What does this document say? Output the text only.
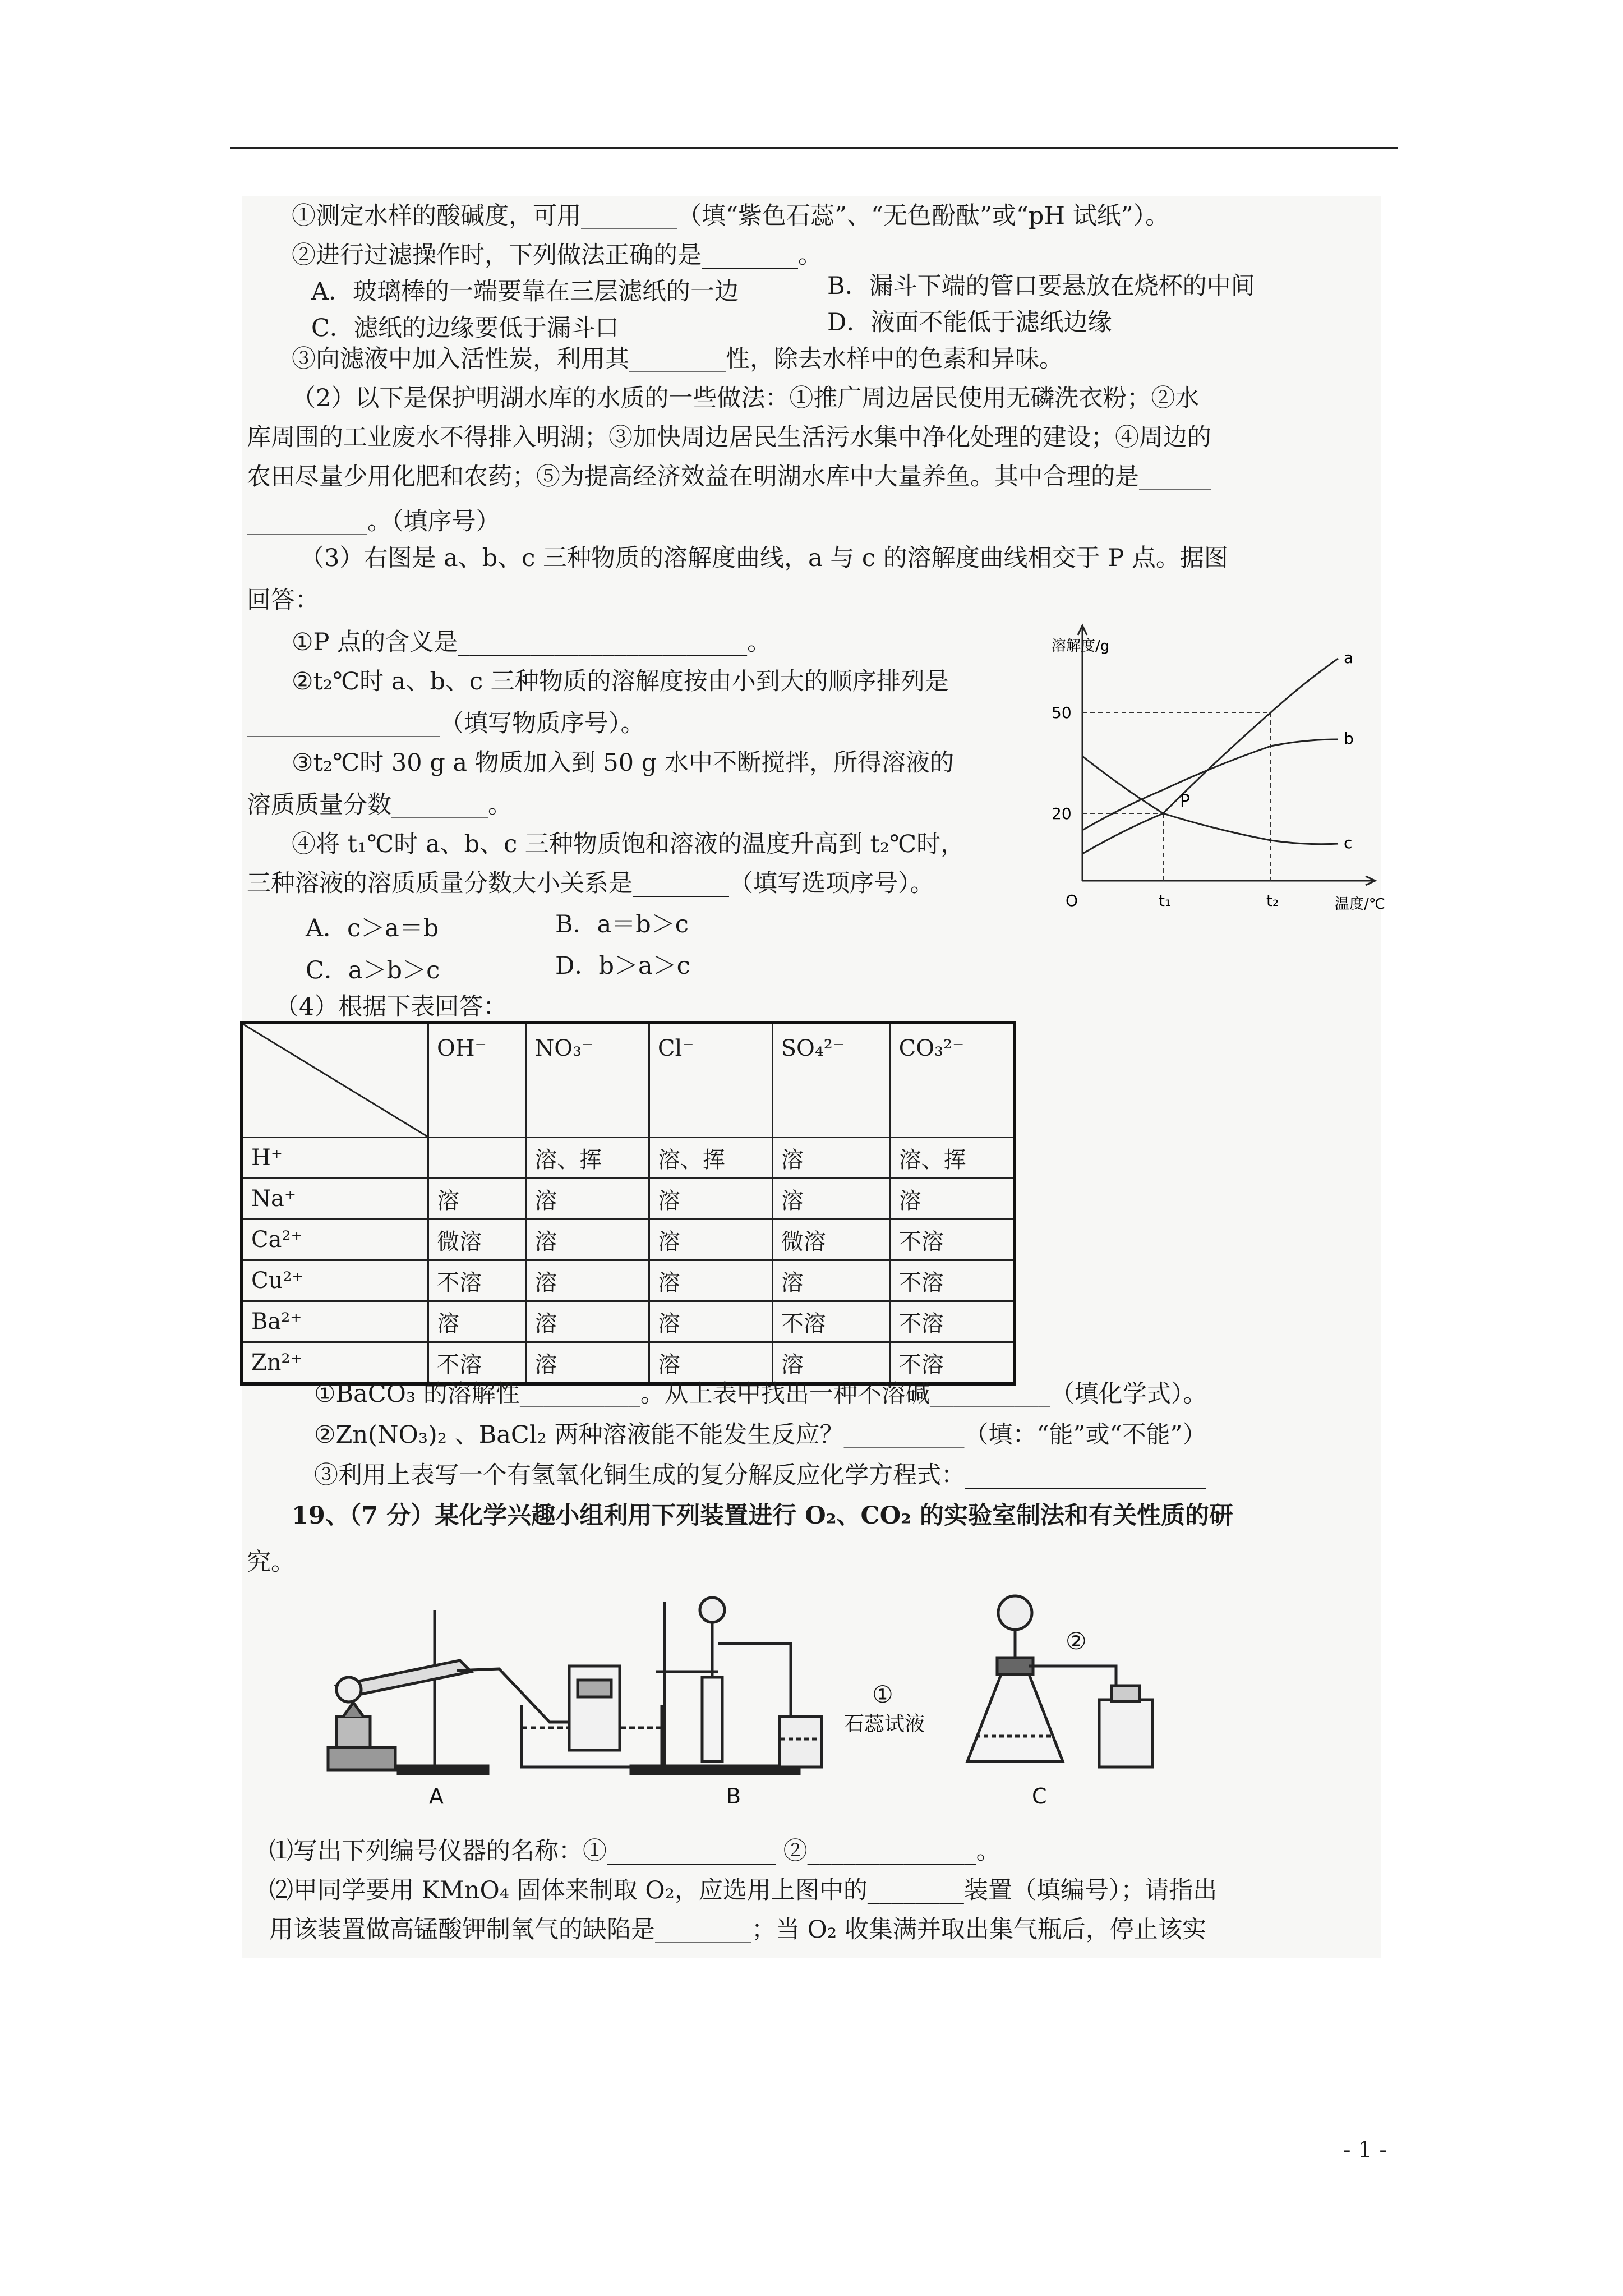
①测定水样的酸碱度，可用________（填“紫色石蕊”、“无色酚酞”或“pH 试纸”）。
②进行过滤操作时，下列做法正确的是________。
A．玻璃棒的一端要靠在三层滤纸的一边	B．漏斗下端的管口要悬放在烧杯的中间
C．滤纸的边缘要低于漏斗口	D．液面不能低于滤纸边缘
③向滤液中加入活性炭，利用其________性，除去水样中的色素和异味。
（2）以下是保护明湖水库的水质的一些做法：①推广周边居民使用无磷洗衣粉；②水
库周围的工业废水不得排入明湖；③加快周边居民生活污水集中净化处理的建设；④周边的
农田尽量少用化肥和农药；⑤为提高经济效益在明湖水库中大量养鱼。其中合理的是______
__________。（填序号）
（3）右图是 a、b、c 三种物质的溶解度曲线，a 与 c 的溶解度曲线相交于 P 点。据图
回答：
①P 点的含义是________________________。
②t₂℃时 a、b、c 三种物质的溶解度按由小到大的顺序排列是
________________（填写物质序号）。
③t₂℃时 30 g a 物质加入到 50 g 水中不断搅拌，所得溶液的
溶质质量分数________。
④将 t₁℃时 a、b、c 三种物质饱和溶液的温度升高到 t₂℃时，
三种溶液的溶质质量分数大小关系是________（填写选项序号）。
A．c＞a＝b	B．a＝b＞c
C．a＞b＞c	D．b＞a＞c
（4）根据下表回答：
溶解度/g
温度/℃
O
20
50
t₁	t₂
a
b
c
P
	OH⁻	NO₃⁻	Cl⁻	SO₄²⁻	CO₃²⁻
H⁺		溶、挥	溶、挥	溶	溶、挥
Na⁺	溶	溶	溶	溶	溶
Ca²⁺	微溶	溶	溶	微溶	不溶
Cu²⁺	不溶	溶	溶	溶	不溶
Ba²⁺	溶	溶	溶	不溶	不溶
Zn²⁺	不溶	溶	溶	溶	不溶
①BaCO₃ 的溶解性__________。从上表中找出一种不溶碱__________（填化学式）。
②Zn(NO₃)₂ 、BaCl₂ 两种溶液能不能发生反应？__________（填：“能”或“不能”）
③利用上表写一个有氢氧化铜生成的复分解反应化学方程式：____________________
19、（7 分）某化学兴趣小组利用下列装置进行 O₂、CO₂ 的实验室制法和有关性质的研
究。
①
②
石蕊试液
A	B	C
⑴写出下列编号仪器的名称：①______________ ②______________。
⑵甲同学要用 KMnO₄ 固体来制取 O₂，应选用上图中的________装置（填编号）；请指出
用该装置做高锰酸钾制氧气的缺陷是________；当 O₂ 收集满并取出集气瓶后，停止该实
- 1 -
